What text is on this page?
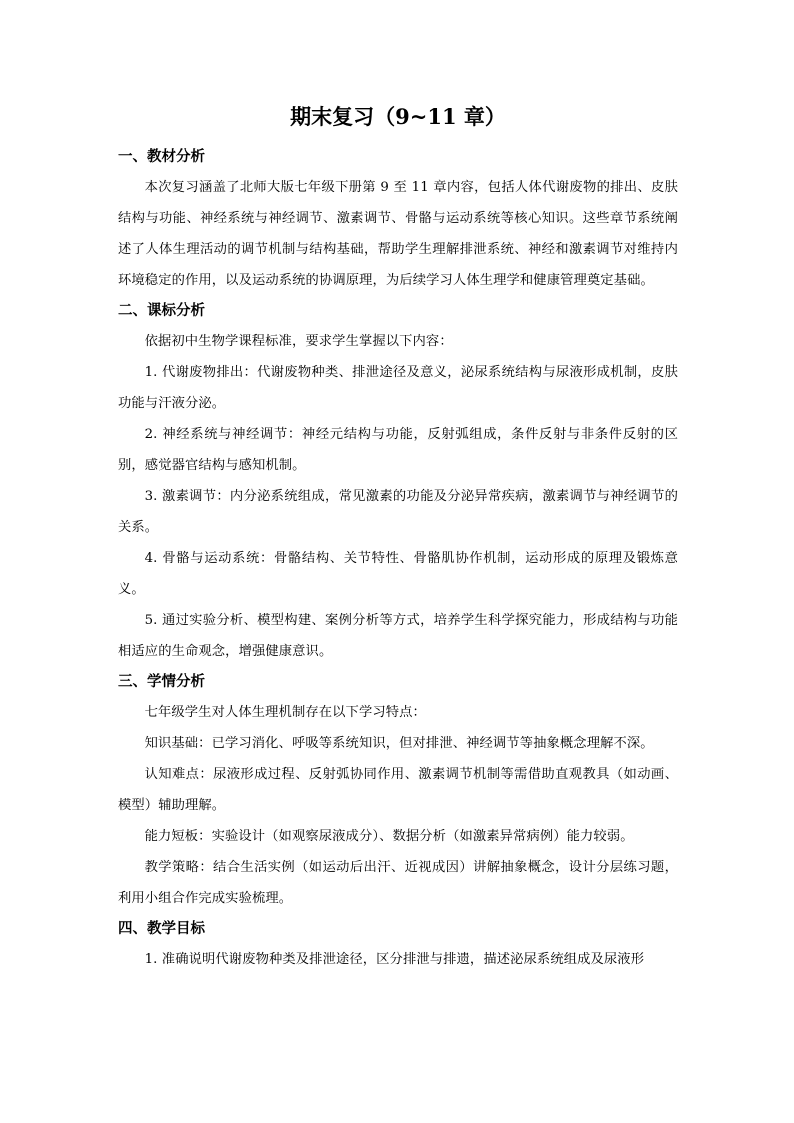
期末复习（9~11 章）
一、教材分析

本次复习涵盖了北师大版七年级下册第 9 至 11 章内容，包括人体代谢废物的排出、皮肤结构与功能、神经系统与神经调节、激素调节、骨骼与运动系统等核心知识。这些章节系统阐述了人体生理活动的调节机制与结构基础，帮助学生理解排泄系统、神经和激素调节对维持内环境稳定的作用，以及运动系统的协调原理，为后续学习人体生理学和健康管理奠定基础。

二、课标分析

依据初中生物学课程标准，要求学生掌握以下内容：

1. 代谢废物排出：代谢废物种类、排泄途径及意义，泌尿系统结构与尿液形成机制，皮肤功能与汗液分泌。

2. 神经系统与神经调节：神经元结构与功能，反射弧组成，条件反射与非条件反射的区别，感觉器官结构与感知机制。

3. 激素调节：内分泌系统组成，常见激素的功能及分泌异常疾病，激素调节与神经调节的关系。

4. 骨骼与运动系统：骨骼结构、关节特性、骨骼肌协作机制，运动形成的原理及锻炼意义。

5. 通过实验分析、模型构建、案例分析等方式，培养学生科学探究能力，形成结构与功能相适应的生命观念，增强健康意识。

三、学情分析

七年级学生对人体生理机制存在以下学习特点：

知识基础：已学习消化、呼吸等系统知识，但对排泄、神经调节等抽象概念理解不深。

认知难点：尿液形成过程、反射弧协同作用、激素调节机制等需借助直观教具（如动画、模型）辅助理解。

能力短板：实验设计（如观察尿液成分）、数据分析（如激素异常病例）能力较弱。

教学策略：结合生活实例（如运动后出汗、近视成因）讲解抽象概念，设计分层练习题，利用小组合作完成实验梳理。

四、教学目标

1. 准确说明代谢废物种类及排泄途径，区分排泄与排遗，描述泌尿系统组成及尿液形
